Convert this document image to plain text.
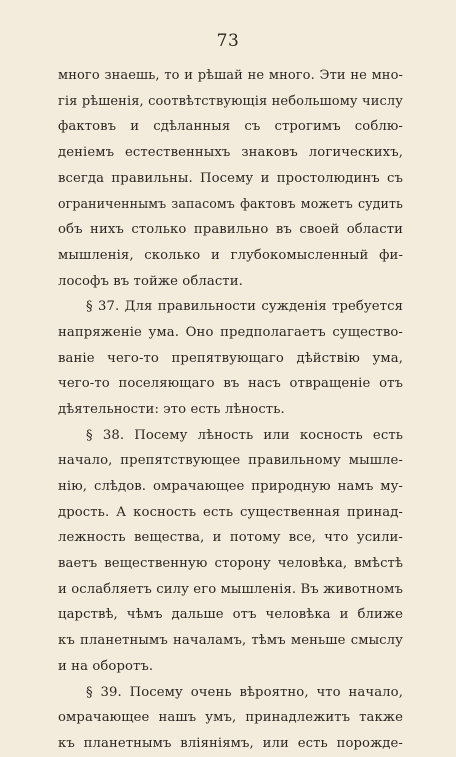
73
много знаешь, то и рѣшай не много. Эти не мно-
гія рѣшенія, соотвѣтствующія небольшому числу
фактовъ и сдѣланныя съ строгимъ соблю-
деніемъ естественныхъ знаковъ логическихъ,
всегда правильны. Посему и простолюдинъ съ
ограниченнымъ запасомъ фактовъ можетъ судить
объ нихъ столько правильно въ своей области
мышленія, сколько и глубокомысленный фи-
лософъ въ тойже области.
§ 37. Для правильности сужденія требуется
напряженіе ума. Оно предполагаетъ существо-
ваніе чего-то препятвующаго дѣйствію ума,
чего-то поселяющаго въ насъ отвращеніе отъ
дѣятельности: это есть лѣность.
§ 38. Посему лѣность или косность есть
начало, препятствующее правильному мышле-
нію, слѣдов. омрачающее природную намъ му-
дрость. А косность есть существенная принад-
лежность вещества, и потому все, что усили-
ваетъ вещественную сторону человѣка, вмѣстѣ
и ослабляетъ силу его мышленія. Въ животномъ
царствѣ, чѣмъ дальше отъ человѣка и ближе
къ планетнымъ началамъ, тѣмъ меньше смыслу
и на оборотъ.
§ 39. Посему очень вѣроятно, что начало,
омрачающее нашъ умъ, принадлежитъ также
къ планетнымъ вліяніямъ, или есть порожде-
